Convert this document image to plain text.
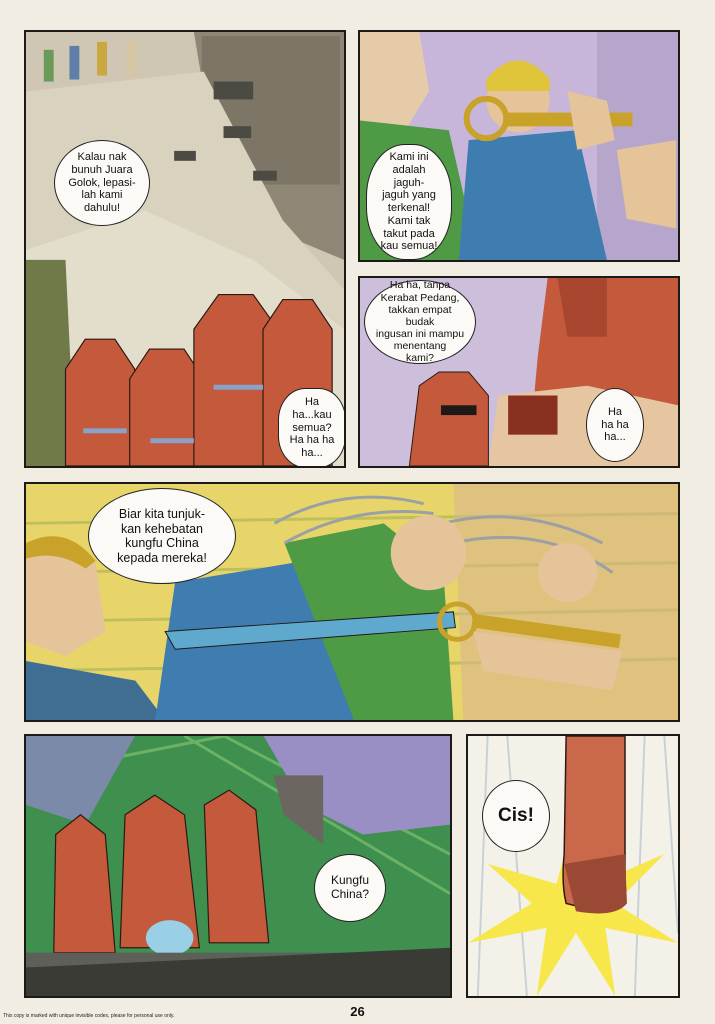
Kalau nak
bunuh Juara
Golok, lepasi-
lah kami
dahulu!
Ha
ha...kau
semua?
Ha ha ha
ha...
Kami ini
adalah jaguh-
jaguh yang
terkenal!
Kami tak
takut pada
kau semua!
Ha ha, tanpa
Kerabat Pedang,
takkan empat budak
ingusan ini mampu
menentang
kami?
Ha
ha ha
ha...
Biar kita tunjuk-
kan kehebatan
kungfu China
kepada mereka!
Kungfu
China?
Cis!
This copy is marked with unique invisible codes, please for personal use only.	26
